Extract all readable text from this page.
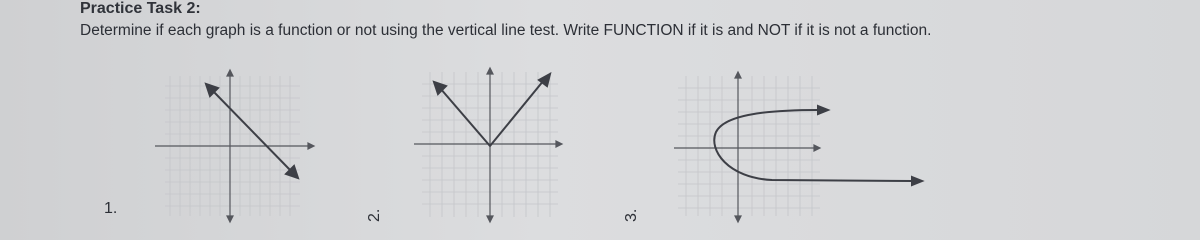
Practice Task 2:
Determine if each graph is a function or not using the vertical line test. Write FUNCTION if it is and NOT if it is not a function.
1.	2.	3.
